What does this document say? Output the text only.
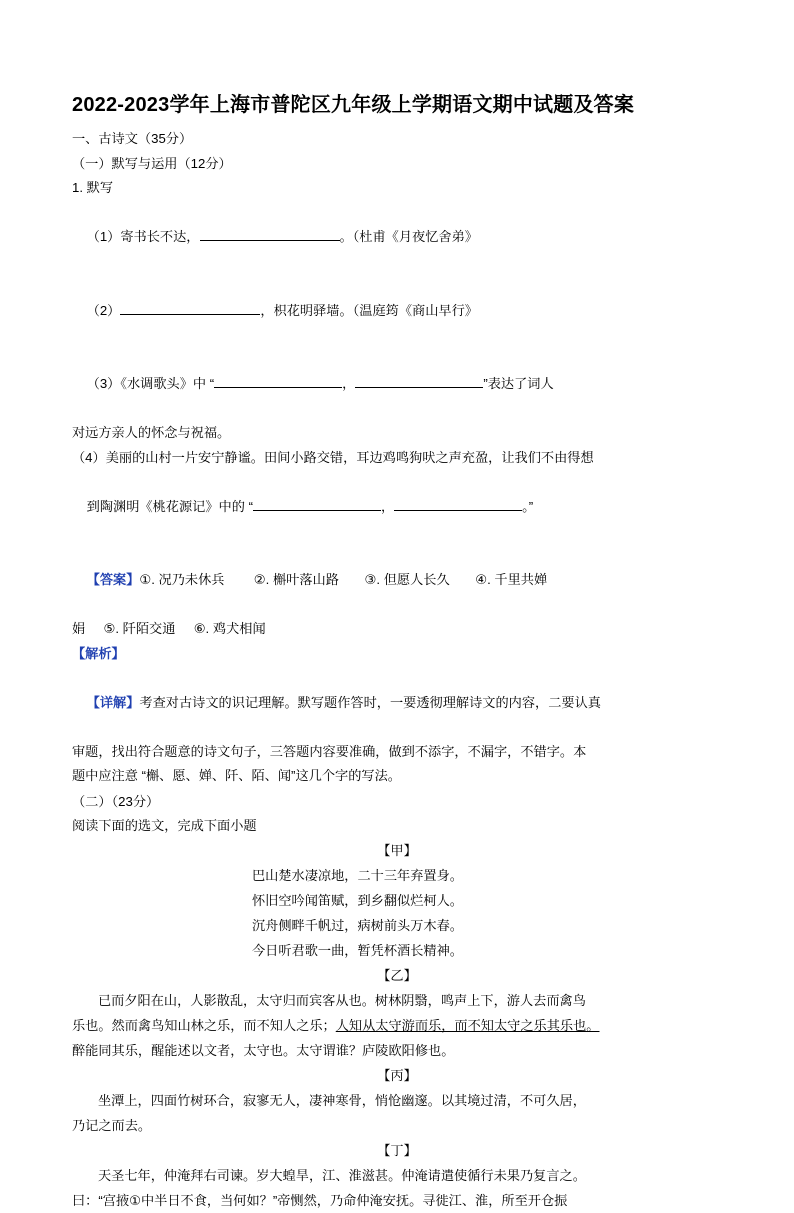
2022-2023学年上海市普陀区九年级上学期语文期中试题及答案

一、古诗文（35分）

（一）默写与运用（12分）

1. 默写

（1）寄书长不达，	。（杜甫《月夜忆舍弟》

（2）	，枳花明驿墙。（温庭筠《商山早行》

（3）《水调歌头》中 “	，	”表达了词人

对远方亲人的怀念与祝福。

（4）美丽的山村一片安宁静谧。田间小路交错，耳边鸡鸣狗吠之声充盈，让我们不由得想

到陶渊明《桃花源记》中的 “	，	。”

【答案】①. 况乃未休兵        ②. 槲叶落山路       ③. 但愿人长久       ④. 千里共婵

娟     ⑤. 阡陌交通     ⑥. 鸡犬相闻

【解析】

【详解】考查对古诗文的识记理解。默写题作答时，一要透彻理解诗文的内容，二要认真

审题，找出符合题意的诗文句子，三答题内容要准确，做到不添字，不漏字，不错字。本

题中应注意 “槲、愿、婵、阡、陌、闻”这几个字的写法。

（二）（23分）

阅读下面的选文，完成下面小题

【甲】

巴山楚水凄凉地，二十三年弃置身。

怀旧空吟闻笛赋，到乡翻似烂柯人。

沉舟侧畔千帆过，病树前头万木春。

今日听君歌一曲，暂凭杯酒长精神。

【乙】

已而夕阳在山，人影散乱，太守归而宾客从也。树林阴翳，鸣声上下，游人去而禽鸟

乐也。然而禽鸟知山林之乐，而不知人之乐；人知从太守游而乐，而不知太守之乐其乐也。

醉能同其乐，醒能述以文者，太守也。太守谓谁？庐陵欧阳修也。

【丙】

坐潭上，四面竹树环合，寂寥无人，凄神寒骨，悄怆幽邃。以其境过清，不可久居，

乃记之而去。

【丁】

天圣七年，仲淹拜右司谏。岁大蝗旱，江、淮滋甚。仲淹请遣使循行未果乃复言之。

曰：“宫掖①中半日不食，当何如？”帝恻然，乃命仲淹安抚。寻徙江、淮，所至开仓振
